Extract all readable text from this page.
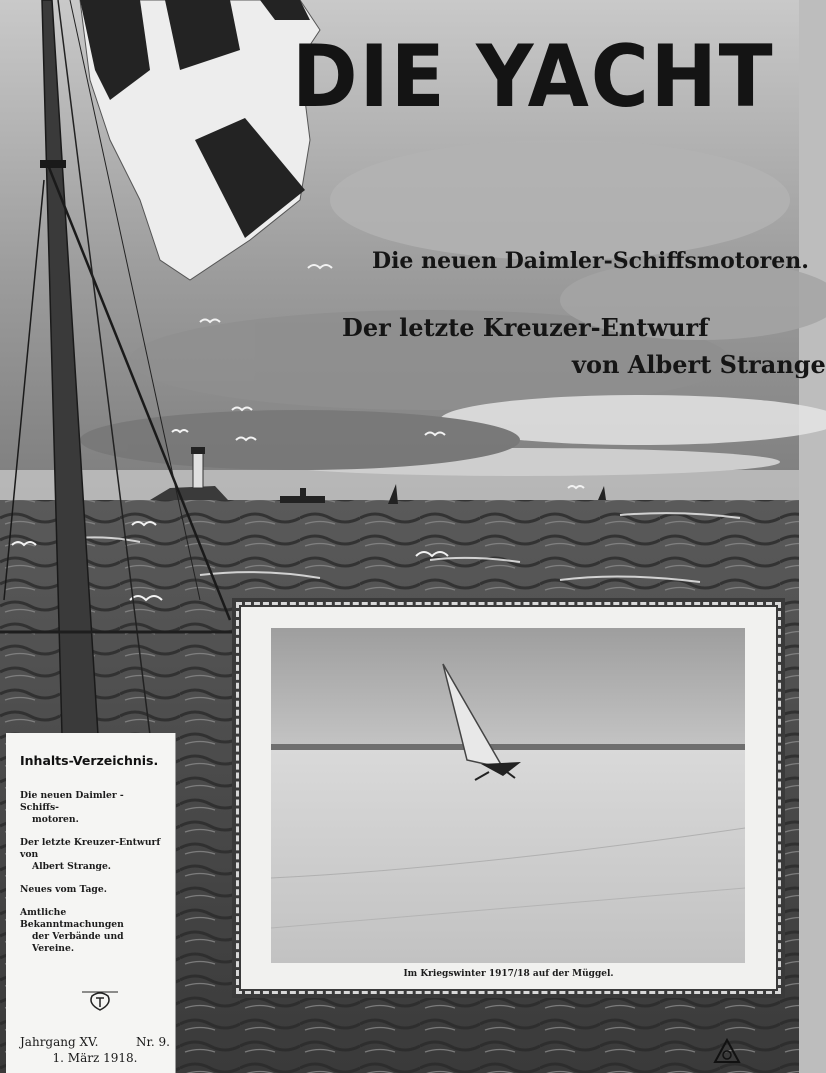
DIE YACHT
Die neuen Daimler-Schiffsmotoren.
Der letzte Kreuzer-Entwurf
von Albert Strange
Inhalts-Verzeichnis.
Die neuen Daimler - Schiffs-
motoren.
Der letzte Kreuzer-Entwurf von
Albert Strange.
Neues vom Tage.
Amtliche Bekanntmachungen
der Verbände und Vereine.
Jahrgang XV.	Nr. 9.
1. März 1918.
Im Kriegswinter 1917/18 auf der Müggel.
